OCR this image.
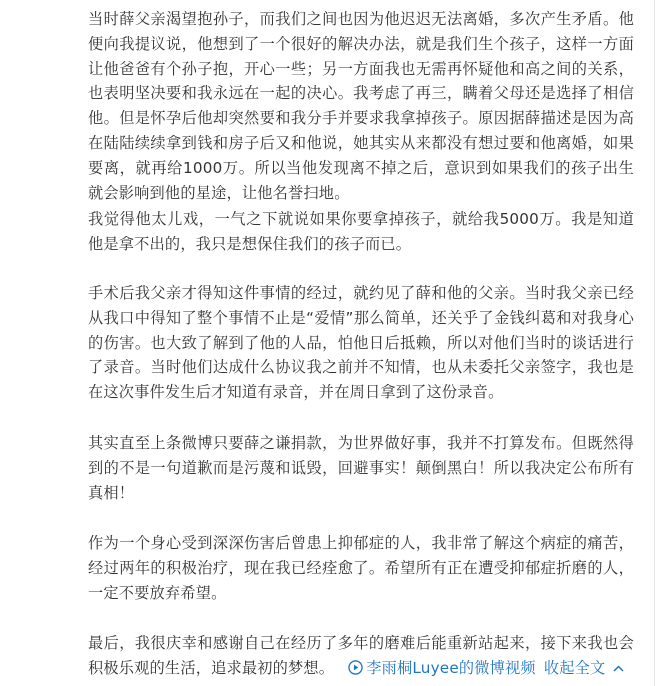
当时薛父亲渴望抱孙子，而我们之间也因为他迟迟无法离婚，多次产生矛盾。他便向我提议说，他想到了一个很好的解决办法，就是我们生个孩子，这样一方面让他爸爸有个孙子抱，开心一些；另一方面我也无需再怀疑他和高之间的关系，也表明坚决要和我永远在一起的决心。我考虑了再三，瞒着父母还是选择了相信他。但是怀孕后他却突然要和我分手并要求我拿掉孩子。原因据薛描述是因为高在陆陆续续拿到钱和房子后又和他说，她其实从来都没有想过要和他离婚，如果要离，就再给1000万。所以当他发现离不掉之后，意识到如果我们的孩子出生就会影响到他的星途，让他名誉扫地。

我觉得他太儿戏，一气之下就说如果你要拿掉孩子，就给我5000万。我是知道他是拿不出的，我只是想保住我们的孩子而已。

手术后我父亲才得知这件事情的经过，就约见了薛和他的父亲。当时我父亲已经从我口中得知了整个事情不止是“爱情”那么简单，还关乎了金钱纠葛和对我身心的伤害。也大致了解到了他的人品，怕他日后抵赖，所以对他们当时的谈话进行了录音。当时他们达成什么协议我之前并不知情，也从未委托父亲签字，我也是在这次事件发生后才知道有录音，并在周日拿到了这份录音。

其实直至上条微博只要薛之谦捐款，为世界做好事，我并不打算发布。但既然得到的不是一句道歉而是污蔑和诋毁，回避事实！颠倒黑白！所以我决定公布所有真相！

作为一个身心受到深深伤害后曾患上抑郁症的人，我非常了解这个病症的痛苦，经过两年的积极治疗，现在我已经痊愈了。希望所有正在遭受抑郁症折磨的人，一定不要放弃希望。

最后，我很庆幸和感谢自己在经历了多年的磨难后能重新站起来，接下来我也会积极乐观的生活，追求最初的梦想。 李雨桐Luyee的微博视频 收起全文
